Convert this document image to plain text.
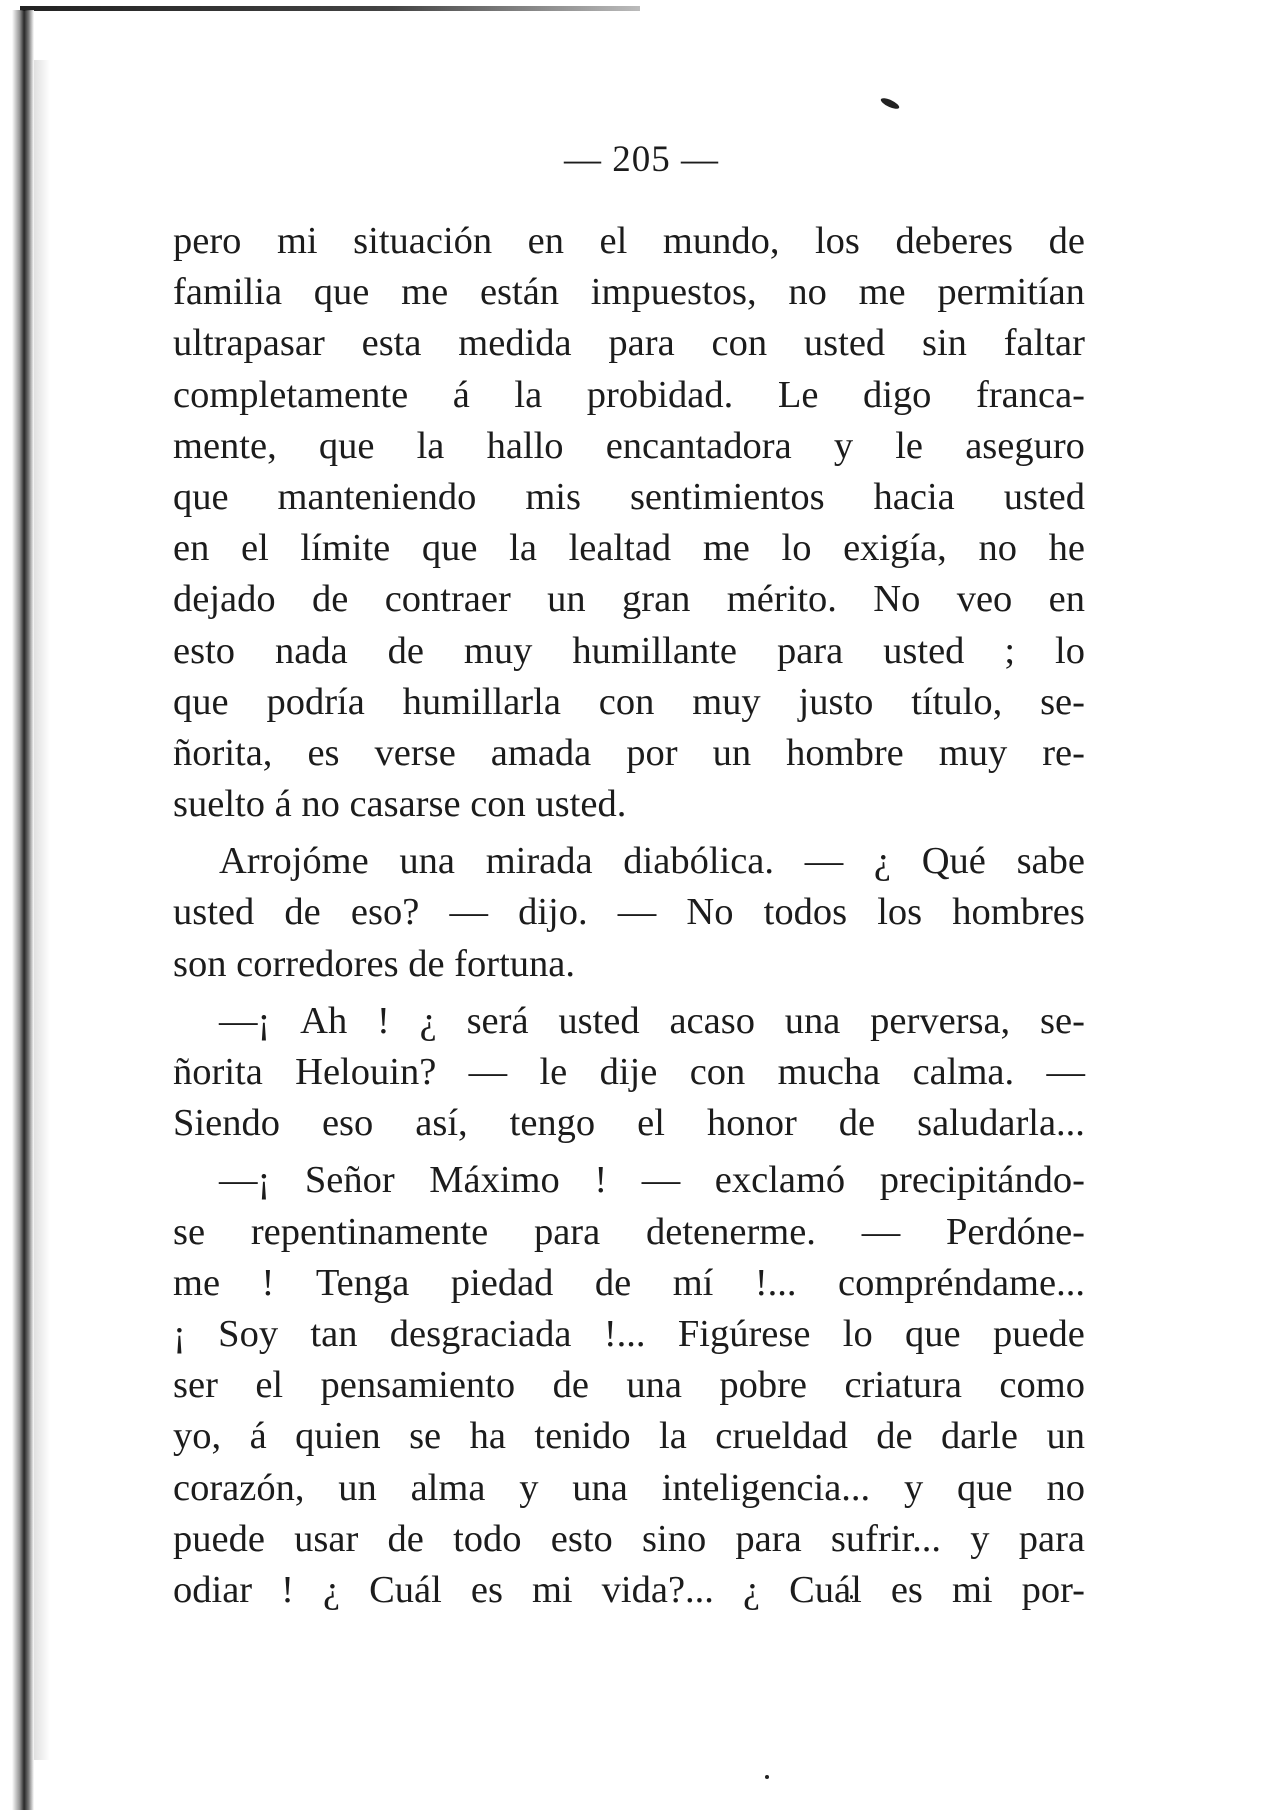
— 205 —
pero mi situación en el mundo, los deberes de
familia que me están impuestos, no me permitían
ultrapasar esta medida para con usted sin faltar
completamente á la probidad. Le digo franca-
mente, que la hallo encantadora y le aseguro
que manteniendo mis sentimientos hacia usted
en el límite que la lealtad me lo exigía, no he
dejado de contraer un gran mérito. No veo en
esto nada de muy humillante para usted ; lo
que podría humillarla con muy justo título, se-
ñorita, es verse amada por un hombre muy re-
suelto á no casarse con usted.
Arrojóme una mirada diabólica. — ¿ Qué sabe
usted de eso? — dijo. — No todos los hombres
son corredores de fortuna.
—¡ Ah ! ¿ será usted acaso una perversa, se-
ñorita Helouin? — le dije con mucha calma. —
Siendo eso así, tengo el honor de saludarla...
—¡ Señor Máximo ! — exclamó precipitándo-
se repentinamente para detenerme. — Perdóne-
me ! Tenga piedad de mí !... compréndame...
¡ Soy tan desgraciada !... Figúrese lo que puede
ser el pensamiento de una pobre criatura como
yo, á quien se ha tenido la crueldad de darle un
corazón, un alma y una inteligencia... y que no
puede usar de todo esto sino para sufrir... y para
odiar ! ¿ Cuál es mi vida?... ¿ Cuál es mi por-
